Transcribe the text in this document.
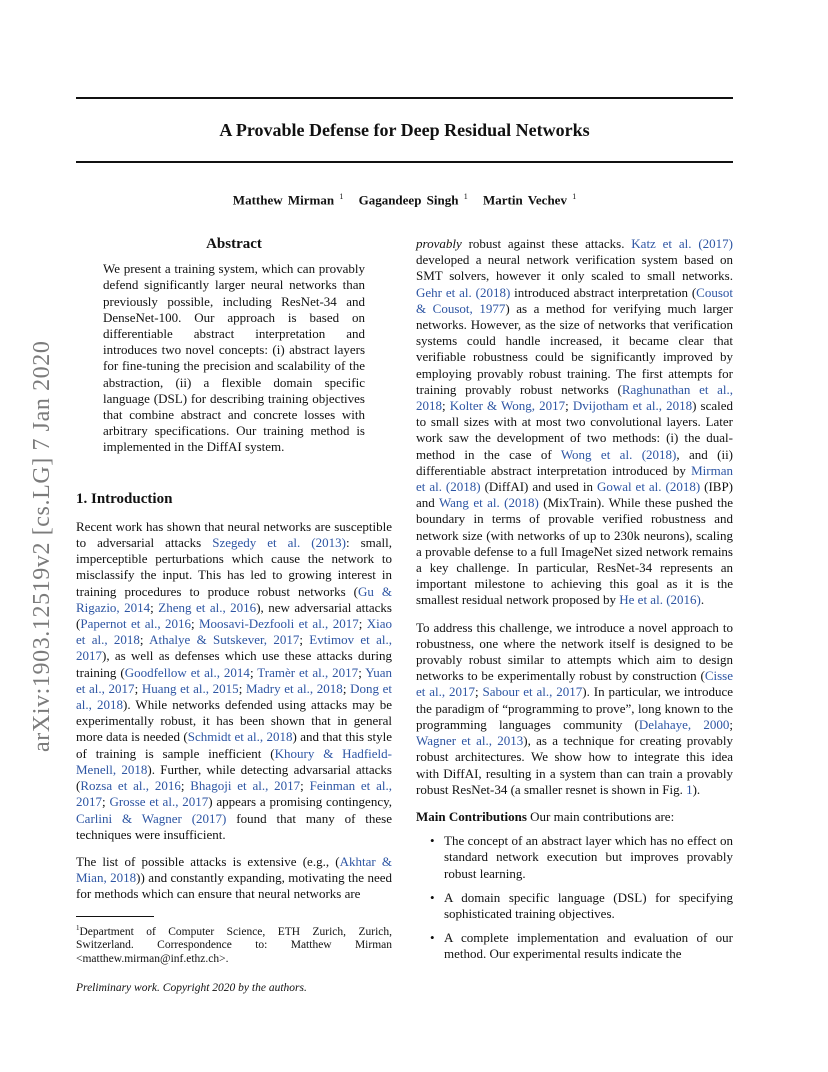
A Provable Defense for Deep Residual Networks
Matthew Mirman $^1$ Gagandeep Singh $^1$ Martin Vechev $^1$
arXiv:1903.12519v2 [cs.LG] 7 Jan 2020
Abstract

We present a training system, which can provably defend significantly larger neural networks than previously possible, including ResNet-34 and DenseNet-100. Our approach is based on differentiable abstract interpretation and introduces two novel concepts: (i) abstract layers for fine-tuning the precision and scalability of the abstraction, (ii) a flexible domain specific language (DSL) for describing training objectives that combine abstract and concrete losses with arbitrary specifications. Our training method is implemented in the DiffAI system.

1. Introduction

Recent work has shown that neural networks are susceptible to adversarial attacks Szegedy et al. (2013): small, imperceptible perturbations which cause the network to misclassify the input. This has led to growing interest in training procedures to produce robust networks (Gu & Rigazio, 2014; Zheng et al., 2016), new adversarial attacks (Papernot et al., 2016; Moosavi-Dezfooli et al., 2017; Xiao et al., 2018; Athalye & Sutskever, 2017; Evtimov et al., 2017), as well as defenses which use these attacks during training (Goodfellow et al., 2014; Tramèr et al., 2017; Yuan et al., 2017; Huang et al., 2015; Madry et al., 2018; Dong et al., 2018). While networks defended using attacks may be experimentally robust, it has been shown that in general more data is needed (Schmidt et al., 2018) and that this style of training is sample inefficient (Khoury & Hadfield-Menell, 2018). Further, while detecting advarsarial attacks (Rozsa et al., 2016; Bhagoji et al., 2017; Feinman et al., 2017; Grosse et al., 2017) appears a promising contingency, Carlini & Wagner (2017) found that many of these techniques were insufficient.

The list of possible attacks is extensive (e.g., (Akhtar & Mian, 2018)) and constantly expanding, motivating the need for methods which can ensure that neural networks are

$^1$Department of Computer Science, ETH Zurich, Zurich, Switzerland. Correspondence to: Matthew Mirman <matthew.mirman@inf.ethz.ch>.

Preliminary work. Copyright 2020 by the authors.

provably robust against these attacks. Katz et al. (2017) developed a neural network verification system based on SMT solvers, however it only scaled to small networks. Gehr et al. (2018) introduced abstract interpretation (Cousot & Cousot, 1977) as a method for verifying much larger networks. However, as the size of networks that verification systems could handle increased, it became clear that verifiable robustness could be significantly improved by employing provably robust training. The first attempts for training provably robust networks (Raghunathan et al., 2018; Kolter & Wong, 2017; Dvijotham et al., 2018) scaled to small sizes with at most two convolutional layers. Later work saw the development of two methods: (i) the dual-method in the case of Wong et al. (2018), and (ii) differentiable abstract interpretation introduced by Mirman et al. (2018) (DiffAI) and used in Gowal et al. (2018) (IBP) and Wang et al. (2018) (MixTrain). While these pushed the boundary in terms of provable verified robustness and network size (with networks of up to 230k neurons), scaling a provable defense to a full ImageNet sized network remains a key challenge. In particular, ResNet-34 represents an important milestone to achieving this goal as it is the smallest residual network proposed by He et al. (2016).

To address this challenge, we introduce a novel approach to robustness, one where the network itself is designed to be provably robust similar to attempts which aim to design networks to be experimentally robust by construction (Cisse et al., 2017; Sabour et al., 2017). In particular, we introduce the paradigm of “programming to prove”, long known to the programming languages community (Delahaye, 2000; Wagner et al., 2013), as a technique for creating provably robust architectures. We show how to integrate this idea with DiffAI, resulting in a system than can train a provably robust ResNet-34 (a smaller resnet is shown in Fig. 1).

Main Contributions Our main contributions are:

• The concept of an abstract layer which has no effect on standard network execution but improves provably robust learning.
• A domain specific language (DSL) for specifying sophisticated training objectives.
• A complete implementation and evaluation of our method. Our experimental results indicate the
